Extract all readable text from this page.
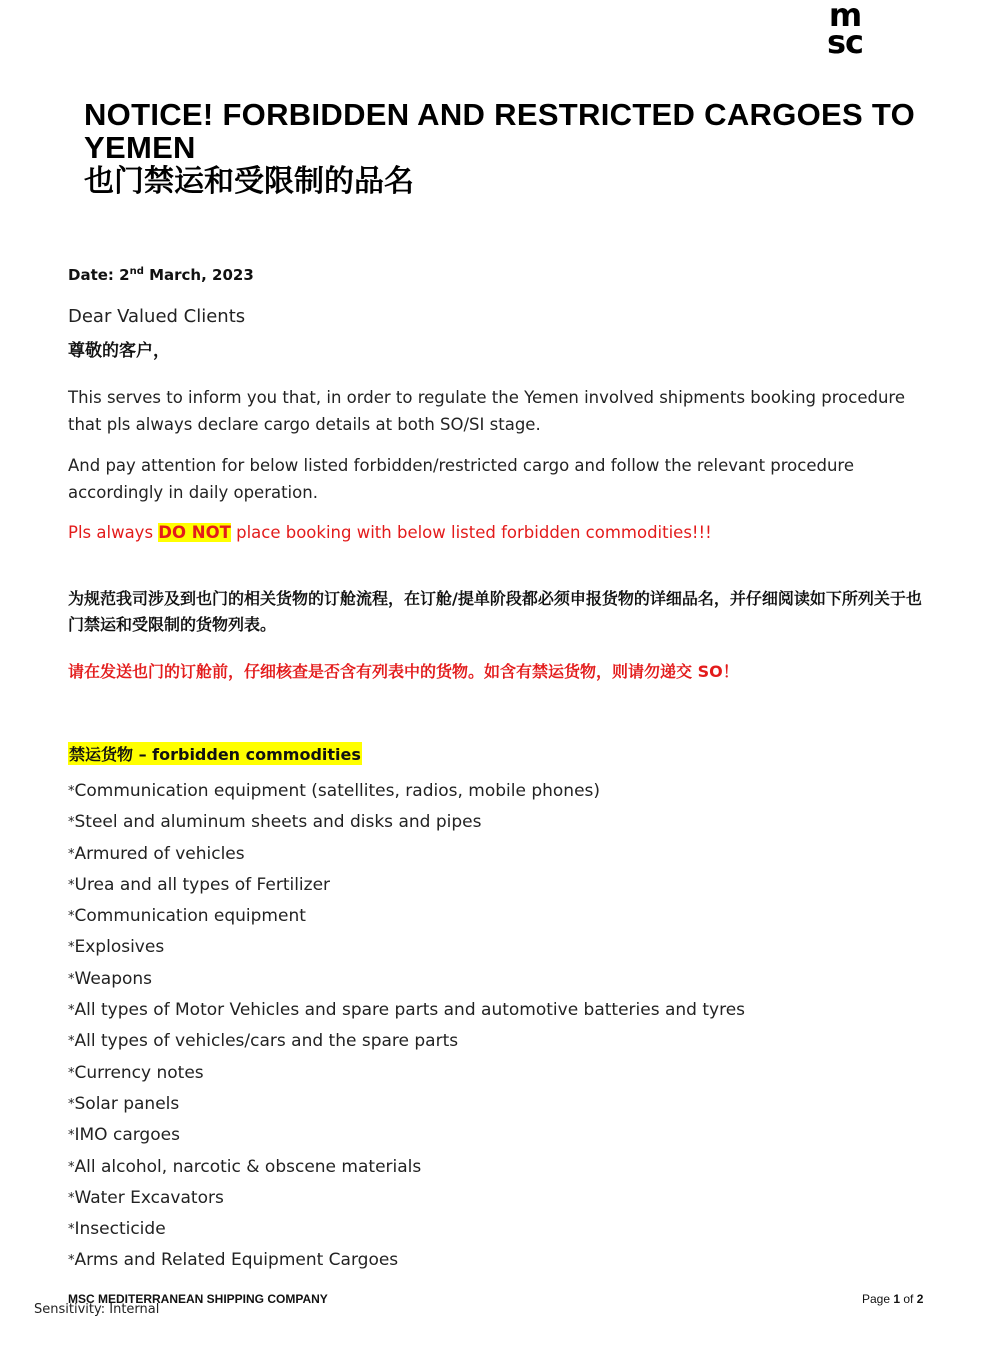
m
sc
NOTICE! FORBIDDEN AND RESTRICTED CARGOES TO YEMEN
也门禁运和受限制的品名
Date: 2nd March, 2023
Dear Valued Clients
尊敬的客户，

This serves to inform you that, in order to regulate the Yemen involved shipments booking procedure that pls always declare cargo details at both SO/SI stage.

And pay attention for below listed forbidden/restricted cargo and follow the relevant procedure accordingly in daily operation.

Pls always DO NOT place booking with below listed forbidden commodities!!!

为规范我司涉及到也门的相关货物的订舱流程，在订舱/提单阶段都必须申报货物的详细品名，并仔细阅读如下所列关于也门禁运和受限制的货物列表。

请在发送也门的订舱前，仔细核查是否含有列表中的货物。如含有禁运货物，则请勿递交 SO！

禁运货物 – forbidden commodities
*Communication equipment (satellites, radios, mobile phones)
*Steel and aluminum sheets and disks and pipes
*Armured of vehicles
*Urea and all types of Fertilizer
*Communication equipment
*Explosives
*Weapons
*All types of Motor Vehicles and spare parts and automotive batteries and tyres
*All types of vehicles/cars and the spare parts
*Currency notes
*Solar panels
*IMO cargoes
*All alcohol, narcotic & obscene materials
*Water Excavators
*Insecticide
*Arms and Related Equipment Cargoes
MSC MEDITERRANEAN SHIPPING COMPANY	Page 1 of 2
Sensitivity: Internal
